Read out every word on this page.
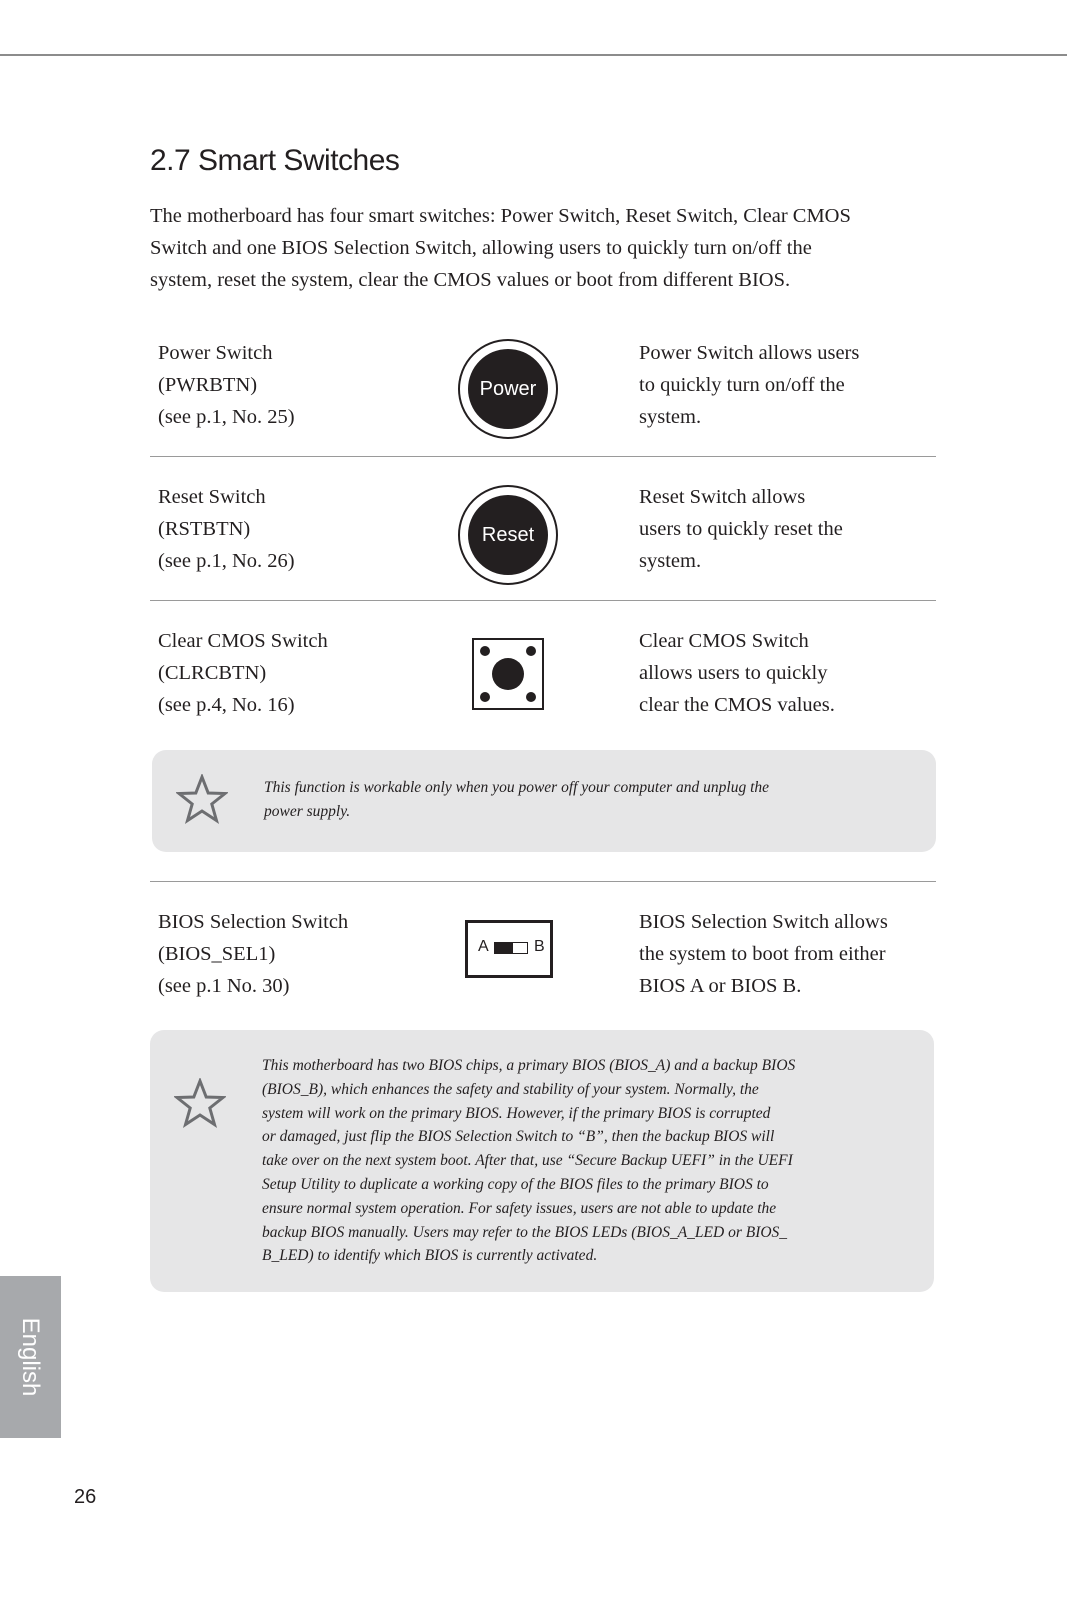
2.7 Smart Switches

The motherboard has four smart switches: Power Switch, Reset Switch, Clear CMOS
Switch and one BIOS Selection Switch, allowing users to quickly turn on/off the
system, reset the system, clear the CMOS values or boot from different BIOS.

Power Switch
(PWRBTN)
(see p.1, No. 25)
Power
Power Switch allows users
to quickly turn on/off the
system.
Reset Switch
(RSTBTN)
(see p.1, No. 26)
Reset
Reset Switch allows
users to quickly reset the
system.
Clear CMOS Switch
(CLRCBTN)
(see p.4, No. 16)
Clear CMOS Switch
allows users to quickly
clear the CMOS values.

This function is workable only when you power off your computer and unplug the
power supply.

BIOS Selection Switch
(BIOS_SEL1)
(see p.1 No. 30)
A	B
BIOS Selection Switch allows
the system to boot from either
BIOS A or BIOS B.

This motherboard has two BIOS chips, a primary BIOS (BIOS_A) and a backup BIOS
(BIOS_B), which enhances the safety and stability of your system. Normally, the
system will work on the primary BIOS. However, if the primary BIOS is corrupted
or damaged, just flip the BIOS Selection Switch to “B”, then the backup BIOS will
take over on the next system boot. After that, use “Secure Backup UEFI” in the UEFI
Setup Utility to duplicate a working copy of the BIOS files to the primary BIOS to
ensure normal system operation. For safety issues, users are not able to update the
backup BIOS manually. Users may refer to the BIOS LEDs (BIOS_A_LED or BIOS_
B_LED) to identify which BIOS is currently activated.

English
26
